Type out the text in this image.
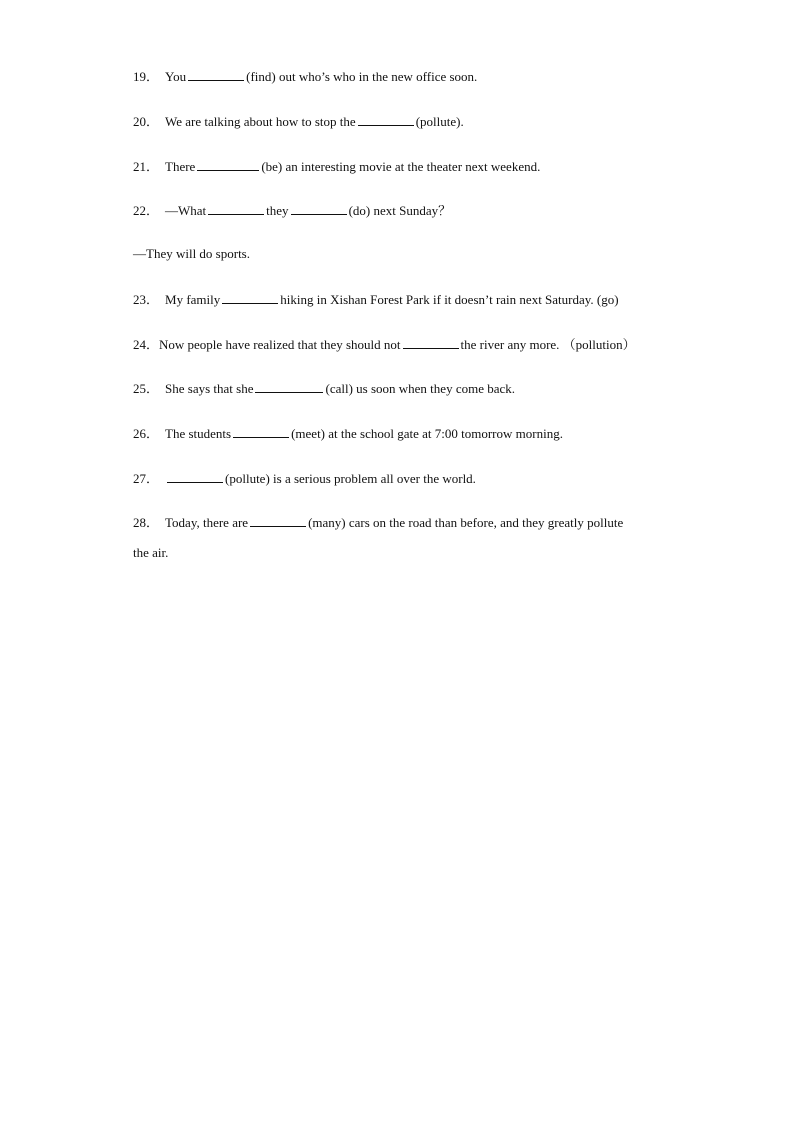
19． You	(find) out who’s who in the new office soon.
20． We are talking about how to stop the	(pollute).
21． There	(be) an interesting movie at the theater next weekend.
22． —What	they	(do) next Sunday？
—They will do sports.
23． My family	hiking in Xishan Forest Park if it doesn’t rain next Saturday. (go)
24．Now people have realized that they should not	the river any more. （pollution）
25． She says that she	(call) us soon when they come back.
26． The students	(meet) at the school gate at 7:00 tomorrow morning.
27．	(pollute) is a serious problem all over the world.
28． Today, there are	(many) cars on the road than before, and they greatly pollute
the air.
